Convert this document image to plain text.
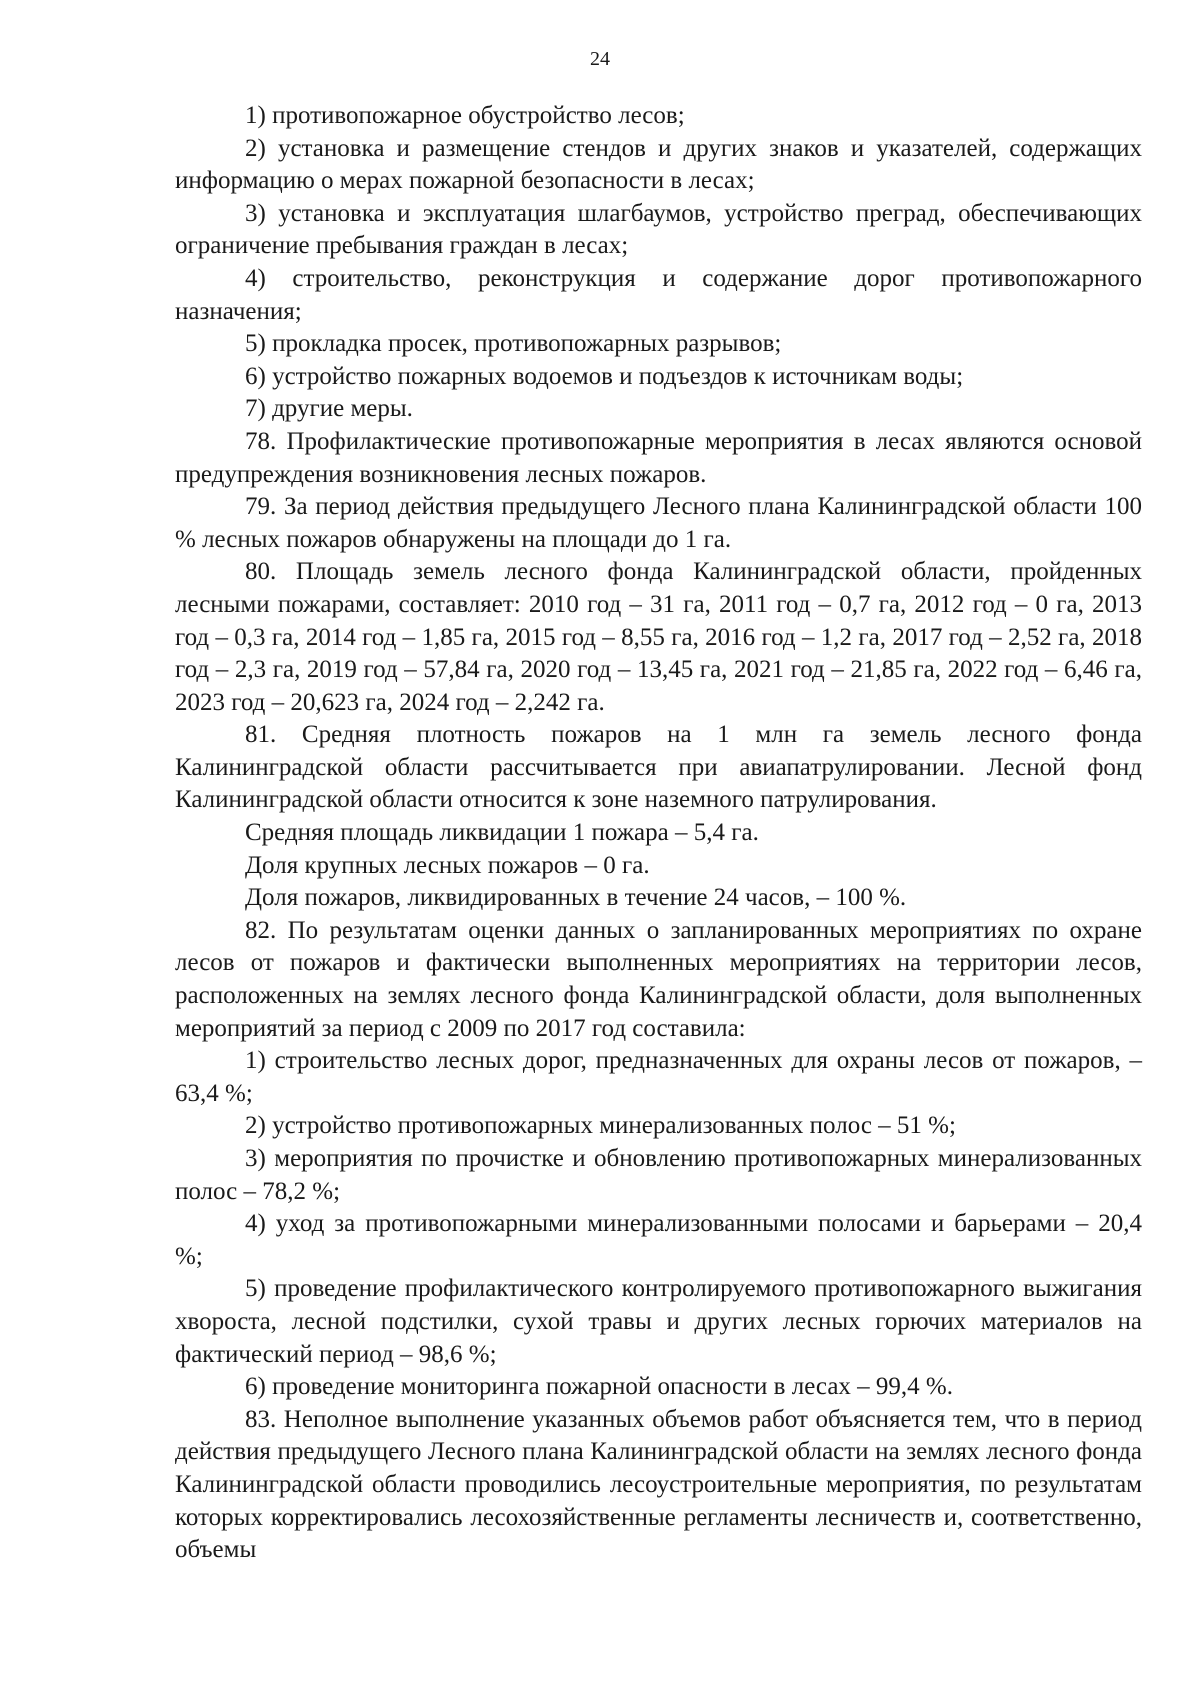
24

1) противопожарное обустройство лесов;

2) установка и размещение стендов и других знаков и указателей, содержащих информацию о мерах пожарной безопасности в лесах;

3) установка и эксплуатация шлагбаумов, устройство преград, обеспечивающих ограничение пребывания граждан в лесах;

4) строительство, реконструкция и содержание дорог противопожарного назначения;

5) прокладка просек, противопожарных разрывов;

6) устройство пожарных водоемов и подъездов к источникам воды;

7) другие меры.

78. Профилактические противопожарные мероприятия в лесах являются основой предупреждения возникновения лесных пожаров.

79. За период действия предыдущего Лесного плана Калининградской области 100 % лесных пожаров обнаружены на площади до 1 га.

80. Площадь земель лесного фонда Калининградской области, пройденных лесными пожарами, составляет: 2010 год – 31 га, 2011 год – 0,7 га, 2012 год – 0 га, 2013 год – 0,3 га, 2014 год – 1,85 га, 2015 год – 8,55 га, 2016 год – 1,2 га, 2017 год – 2,52 га, 2018 год – 2,3 га, 2019 год – 57,84 га, 2020 год – 13,45 га, 2021 год – 21,85 га, 2022 год – 6,46 га, 2023 год – 20,623 га, 2024 год – 2,242 га.

81. Средняя плотность пожаров на 1 млн га земель лесного фонда Калининградской области рассчитывается при авиапатрулировании. Лесной фонд Калининградской области относится к зоне наземного патрулирования.

Средняя площадь ликвидации 1 пожара – 5,4 га.

Доля крупных лесных пожаров – 0 га.

Доля пожаров, ликвидированных в течение 24 часов, – 100 %.

82. По результатам оценки данных о запланированных мероприятиях по охране лесов от пожаров и фактически выполненных мероприятиях на территории лесов, расположенных на землях лесного фонда Калининградской области, доля выполненных мероприятий за период с 2009 по 2017 год составила:

1) строительство лесных дорог, предназначенных для охраны лесов от пожаров, – 63,4 %;

2) устройство противопожарных минерализованных полос – 51 %;

3) мероприятия по прочистке и обновлению противопожарных минерализованных полос – 78,2 %;

4) уход за противопожарными минерализованными полосами и барьерами – 20,4 %;

5) проведение профилактического контролируемого противопожарного выжигания хвороста, лесной подстилки, сухой травы и других лесных горючих материалов на фактический период – 98,6 %;

6) проведение мониторинга пожарной опасности в лесах – 99,4 %.

83. Неполное выполнение указанных объемов работ объясняется тем, что в период действия предыдущего Лесного плана Калининградской области на землях лесного фонда Калининградской области проводились лесоустроительные мероприятия, по результатам которых корректировались лесохозяйственные регламенты лесничеств и, соответственно, объемы
